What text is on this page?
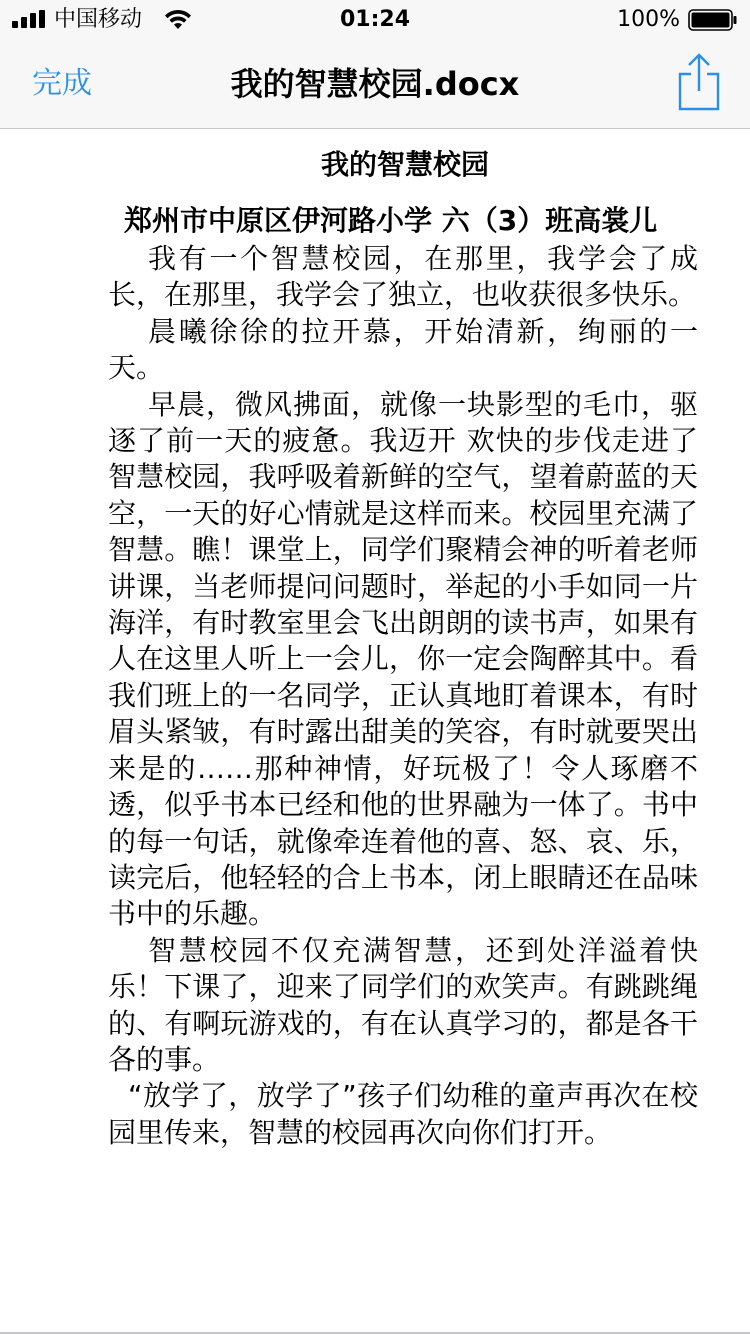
中国移动	01:24	100%
完成	我的智慧校园.docx
我的智慧校园
郑州市中原区伊河路小学 六（3）班高裳儿

我有一个智慧校园，在那里，我学会了成长，在那里，我学会了独立，也收获很多快乐。

晨曦徐徐的拉开慕，开始清新，绚丽的一天。

早晨，微风拂面，就像一块影型的毛巾，驱逐了前一天的疲惫。我迈开 欢快的步伐走进了智慧校园，我呼吸着新鲜的空气，望着蔚蓝的天空，一天的好心情就是这样而来。校园里充满了智慧。瞧！课堂上，同学们聚精会神的听着老师讲课，当老师提问问题时，举起的小手如同一片海洋，有时教室里会飞出朗朗的读书声，如果有人在这里人听上一会儿，你一定会陶醉其中。看我们班上的一名同学，正认真地盯着课本，有时眉头紧皱，有时露出甜美的笑容，有时就要哭出来是的……那种神情，好玩极了！令人琢磨不透，似乎书本已经和他的世界融为一体了。书中的每一句话，就像牵连着他的喜、怒、哀、乐，读完后，他轻轻的合上书本，闭上眼睛还在品味书中的乐趣。

智慧校园不仅充满智慧，还到处洋溢着快乐！下课了，迎来了同学们的欢笑声。有跳跳绳的、有啊玩游戏的，有在认真学习的，都是各干各的事。

“放学了，放学了”孩子们幼稚的童声再次在校园里传来，智慧的校园再次向你们打开。
